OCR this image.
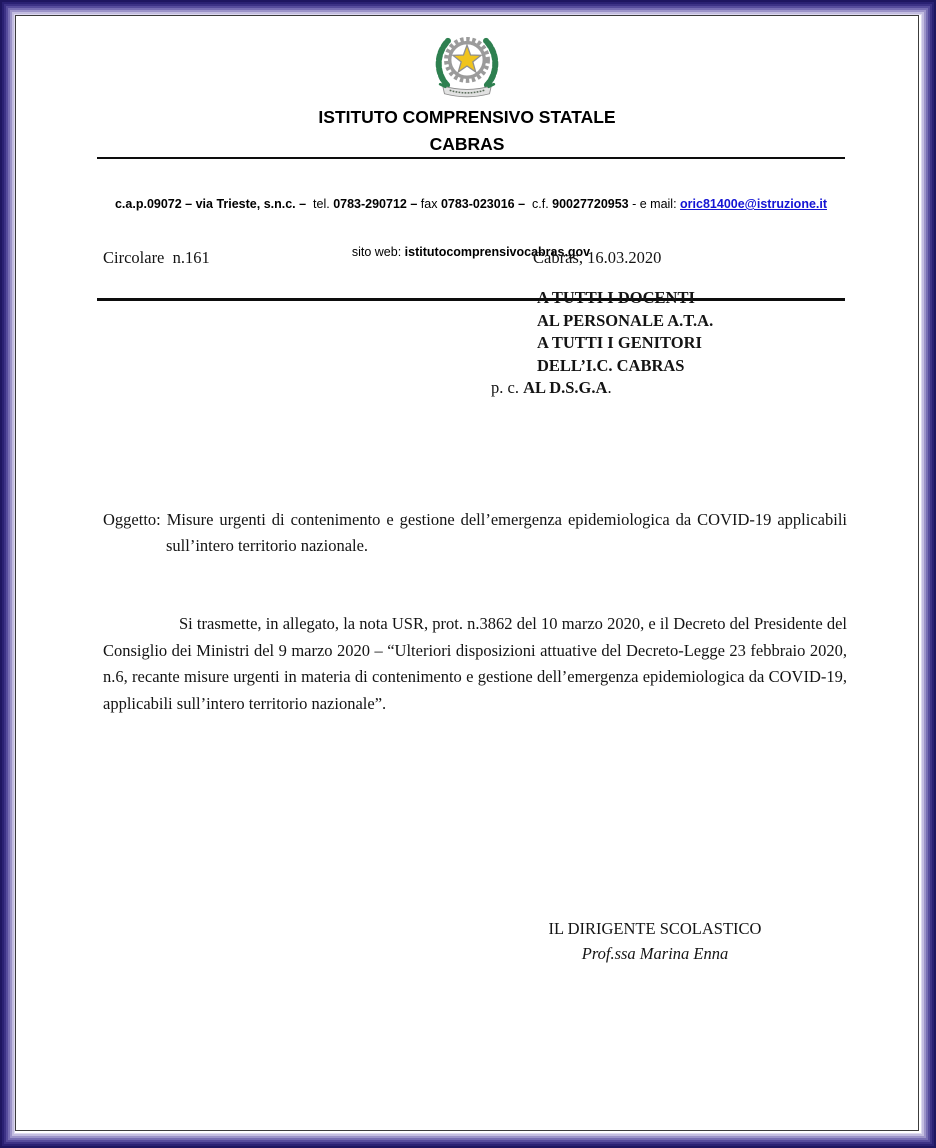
ISTITUTO COMPRENSIVO STATALE
CABRAS

c.a.p.09072 – via Trieste, s.n.c. –  tel. 0783-290712 – fax 0783-023016 –  c.f. 90027720953 - e mail: oric81400e@istruzione.it

sito web: istitutocomprensivocabras.gov

Circolare  n.161	Cabras, 16.03.2020
A TUTTI I DOCENTI
AL PERSONALE A.T.A.
A TUTTI I GENITORI
DELL’I.C. CABRAS
p. c. AL D.S.G.A.
Oggetto: Misure urgenti di contenimento e gestione dell’emergenza epidemiologica da COVID-19 applicabili sull’intero territorio nazionale.
Si trasmette, in allegato, la nota USR, prot. n.3862 del 10 marzo 2020, e il Decreto del Presidente del Consiglio dei Ministri del 9 marzo 2020 – “Ulteriori disposizioni attuative del Decreto-Legge 23 febbraio 2020, n.6, recante misure urgenti in materia di contenimento e gestione dell’emergenza epidemiologica da COVID-19, applicabili sull’intero territorio nazionale”.
IL DIRIGENTE SCOLASTICO
Prof.ssa Marina Enna
